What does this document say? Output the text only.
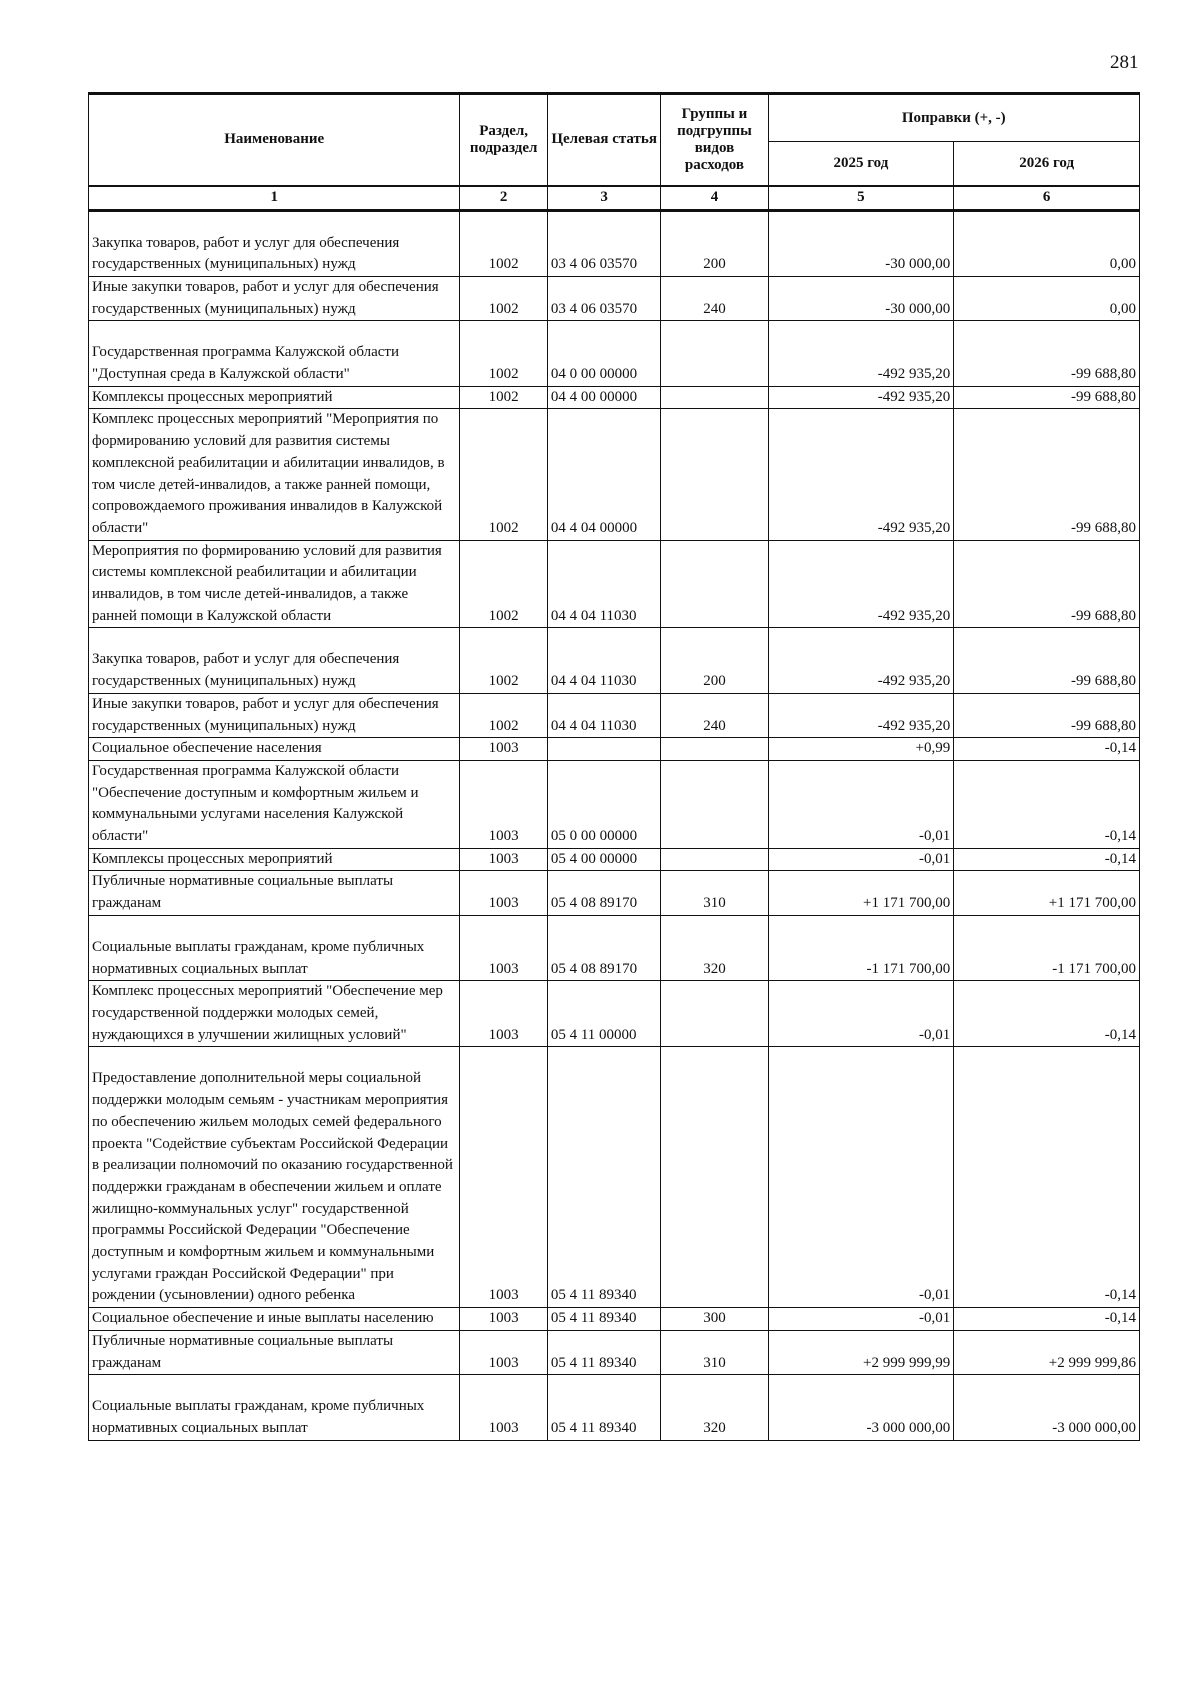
281
Наименование	Раздел, подраздел	Целевая статья	Группы и подгруппы видов расходов	Поправки (+, -)	
				2025 год	2026 год
1	2	3	4	5	6
Закупка товаров, работ и услуг для обеспечения государственных (муниципальных) нужд	1002	03 4 06 03570	200	-30 000,00	0,00
Иные закупки товаров, работ и услуг для обеспечения государственных (муниципальных) нужд	1002	03 4 06 03570	240	-30 000,00	0,00
Государственная программа Калужской области "Доступная среда в Калужской области"	1002	04 0 00 00000		-492 935,20	-99 688,80
Комплексы процессных мероприятий	1002	04 4 00 00000		-492 935,20	-99 688,80
Комплекс процессных мероприятий "Мероприятия по формированию условий для развития системы комплексной реабилитации и абилитации инвалидов, в том числе детей-инвалидов, а также ранней помощи, сопровождаемого проживания инвалидов в Калужской области"	1002	04 4 04 00000		-492 935,20	-99 688,80
Мероприятия по формированию условий для развития системы комплексной реабилитации и абилитации инвалидов, в том числе детей-инвалидов, а также ранней помощи в Калужской области	1002	04 4 04 11030		-492 935,20	-99 688,80
Закупка товаров, работ и услуг для обеспечения государственных (муниципальных) нужд	1002	04 4 04 11030	200	-492 935,20	-99 688,80
Иные закупки товаров, работ и услуг для обеспечения государственных (муниципальных) нужд	1002	04 4 04 11030	240	-492 935,20	-99 688,80
Социальное обеспечение населения	1003			+0,99	-0,14
Государственная программа Калужской области "Обеспечение доступным и комфортным жильем и коммунальными услугами населения Калужской области"	1003	05 0 00 00000		-0,01	-0,14
Комплексы процессных мероприятий	1003	05 4 00 00000		-0,01	-0,14
Публичные нормативные социальные выплаты гражданам	1003	05 4 08 89170	310	+1 171 700,00	+1 171 700,00
Социальные выплаты гражданам, кроме публичных нормативных социальных выплат	1003	05 4 08 89170	320	-1 171 700,00	-1 171 700,00
Комплекс процессных мероприятий "Обеспечение мер государственной поддержки молодых семей, нуждающихся в улучшении жилищных условий"	1003	05 4 11 00000		-0,01	-0,14
Предоставление дополнительной меры социальной поддержки молодым семьям - участникам мероприятия по обеспечению жильем молодых семей федерального проекта "Содействие субъектам Российской Федерации в реализации полномочий по оказанию государственной поддержки гражданам в обеспечении жильем и оплате жилищно-коммунальных услуг" государственной программы Российской Федерации "Обеспечение доступным и комфортным жильем и коммунальными услугами граждан Российской Федерации" при рождении (усыновлении) одного ребенка	1003	05 4 11 89340		-0,01	-0,14
Социальное обеспечение и иные выплаты населению	1003	05 4 11 89340	300	-0,01	-0,14
Публичные нормативные социальные выплаты гражданам	1003	05 4 11 89340	310	+2 999 999,99	+2 999 999,86
Социальные выплаты гражданам, кроме публичных нормативных социальных выплат	1003	05 4 11 89340	320	-3 000 000,00	-3 000 000,00
